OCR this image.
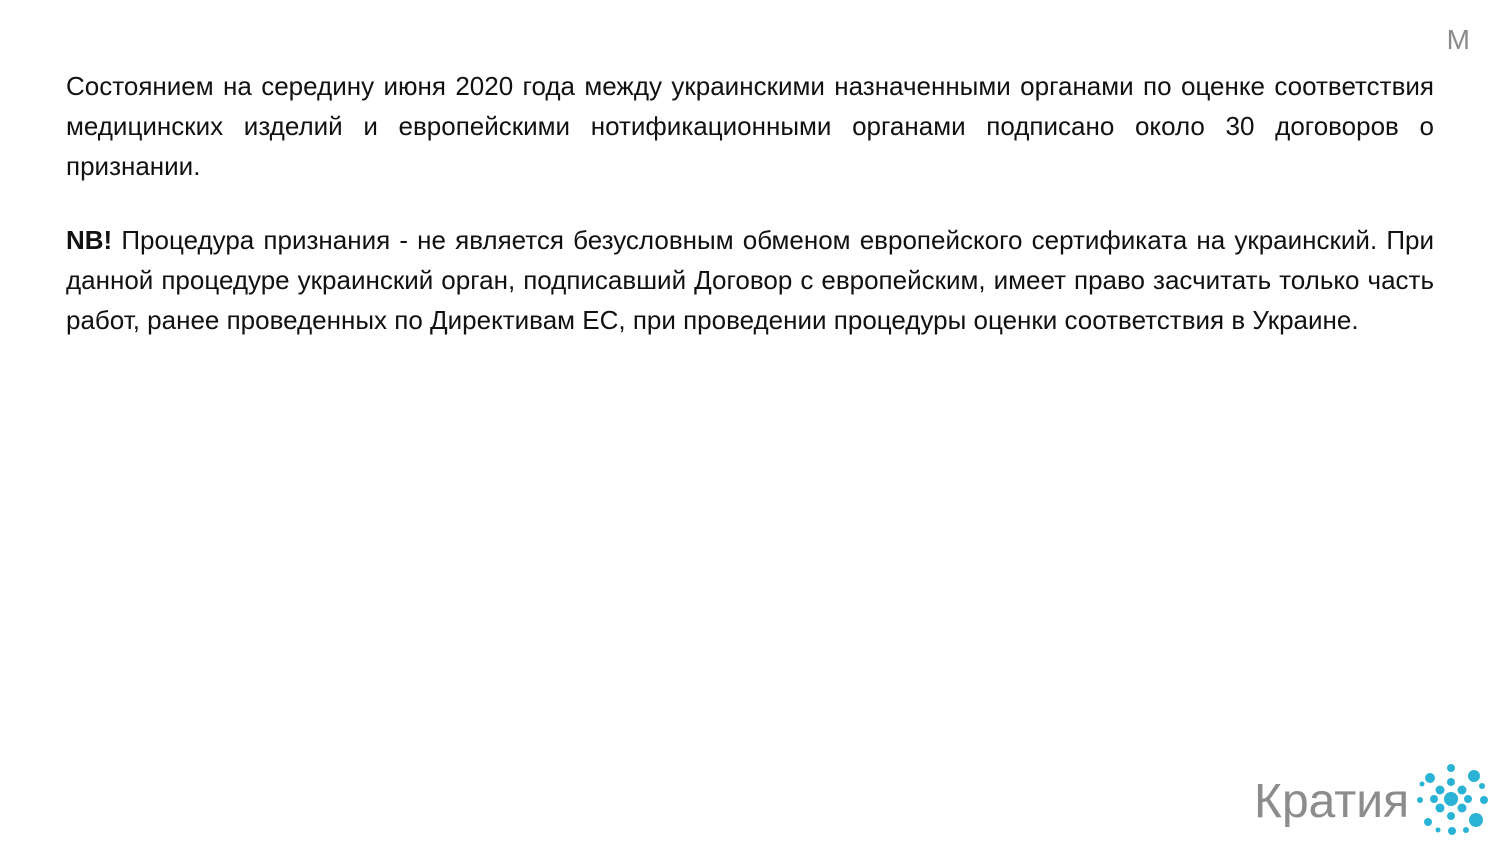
M

Состоянием на середину июня 2020 года между украинскими назначенными органами по оценке соответствия медицинских изделий и европейскими нотификационными органами подписано около 30 договоров о признании.

NB! Процедура признания - не является безусловным обменом европейского сертификата на украинский. При данной процедуре украинский орган, подписавший Договор с европейским, имеет право засчитать только часть работ, ранее проведенных по Директивам ЕС, при проведении процедуры оценки соответствия в Украине.

Кратия
